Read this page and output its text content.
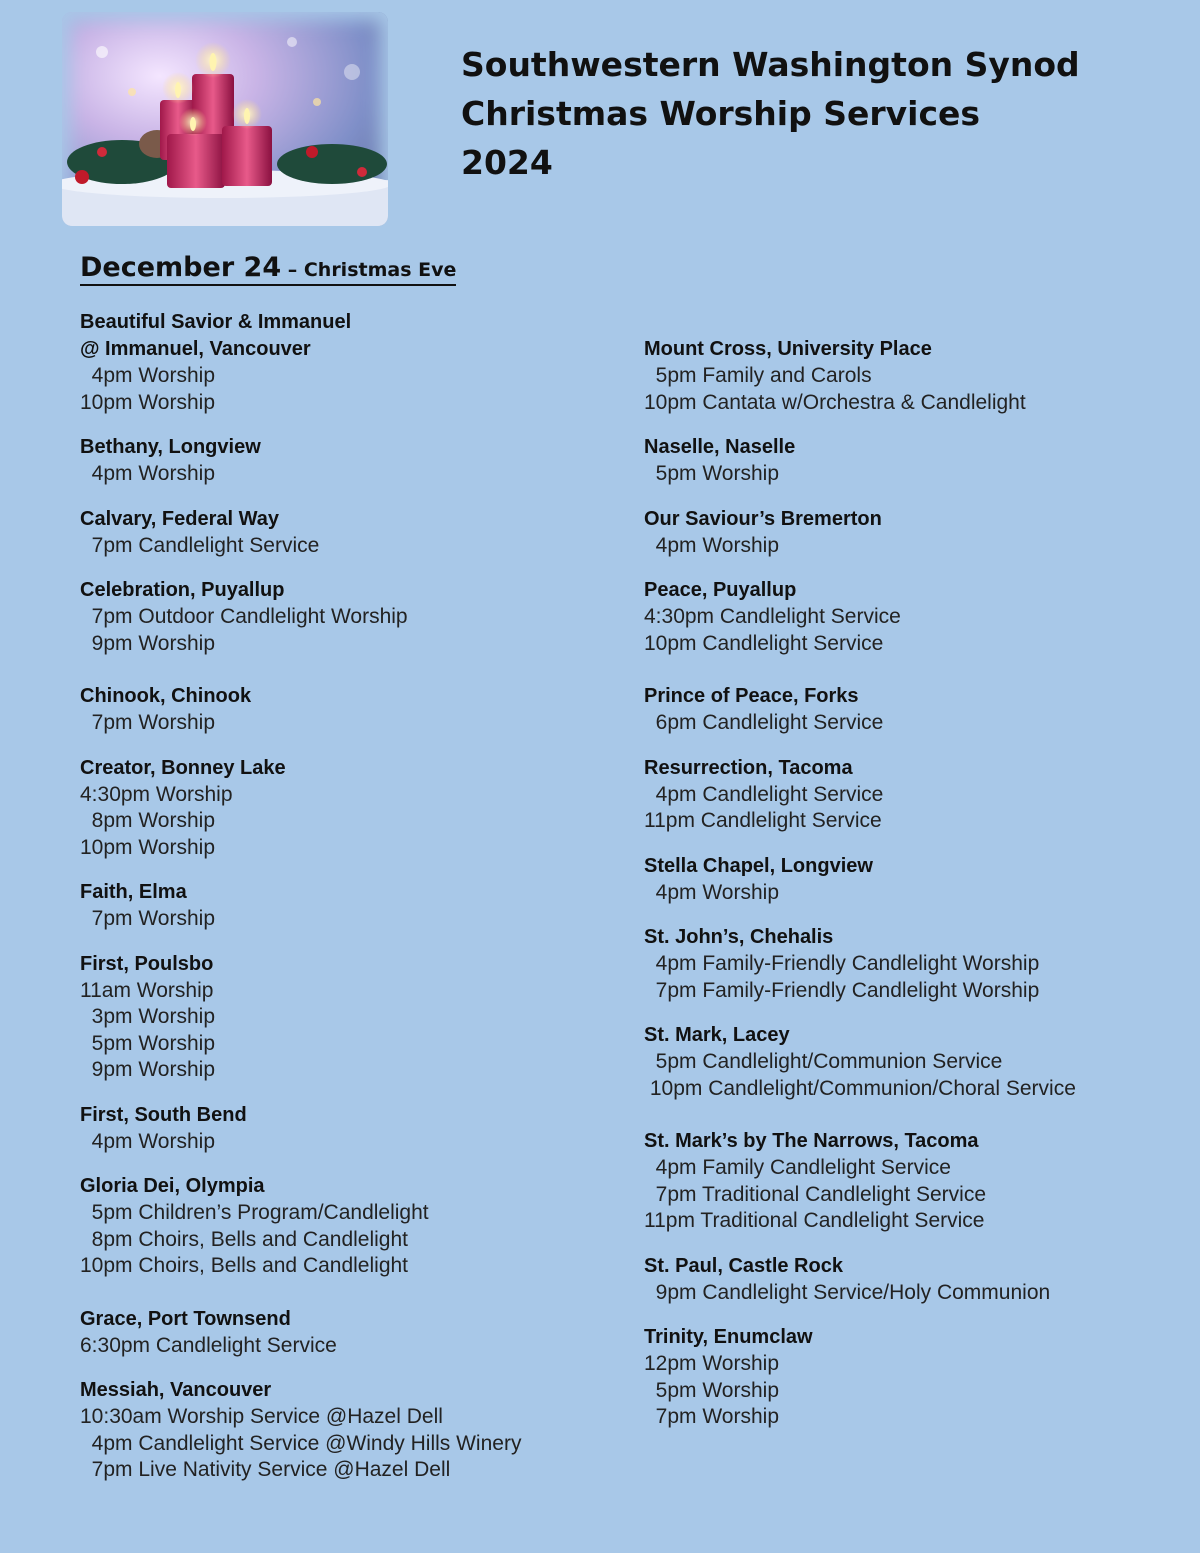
Southwestern Washington Synod
Christmas Worship Services
2024
December 24 – Christmas Eve
Beautiful Savior & Immanuel
@ Immanuel, Vancouver
4pm Worship
10pm Worship
Bethany, Longview
4pm Worship
Calvary, Federal Way
7pm Candlelight Service
Celebration, Puyallup
7pm Outdoor Candlelight Worship
9pm Worship
Chinook, Chinook
7pm Worship
Creator, Bonney Lake
4:30pm Worship
8pm Worship
10pm Worship
Faith, Elma
7pm Worship
First, Poulsbo
11am Worship
3pm Worship
5pm Worship
9pm Worship
First, South Bend
4pm Worship
Gloria Dei, Olympia
5pm Children’s Program/Candlelight
8pm Choirs, Bells and Candlelight
10pm Choirs, Bells and Candlelight
Grace, Port Townsend
6:30pm Candlelight Service
Messiah, Vancouver
10:30am Worship Service @Hazel Dell
4pm Candlelight Service @Windy Hills Winery
7pm Live Nativity Service @Hazel Dell
Mount Cross, University Place
5pm Family and Carols
10pm Cantata w/Orchestra & Candlelight
Naselle, Naselle
5pm Worship
Our Saviour’s Bremerton
4pm Worship
Peace, Puyallup
4:30pm Candlelight Service
10pm Candlelight Service
Prince of Peace, Forks
6pm Candlelight Service
Resurrection, Tacoma
4pm Candlelight Service
11pm Candlelight Service
Stella Chapel, Longview
4pm Worship
St. John’s, Chehalis
4pm Family-Friendly Candlelight Worship
7pm Family-Friendly Candlelight Worship
St. Mark, Lacey
5pm Candlelight/Communion Service
10pm Candlelight/Communion/Choral Service
St. Mark’s by The Narrows, Tacoma
4pm Family Candlelight Service
7pm Traditional Candlelight Service
11pm Traditional Candlelight Service
St. Paul, Castle Rock
9pm Candlelight Service/Holy Communion
Trinity, Enumclaw
12pm Worship
5pm Worship
7pm Worship
